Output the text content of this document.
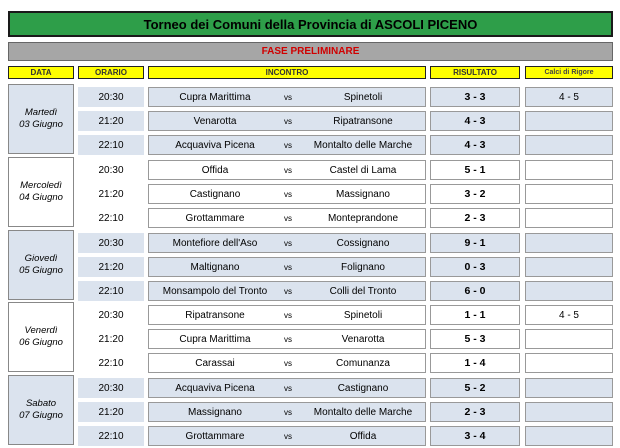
Torneo dei Comuni della Provincia di ASCOLI PICENO
FASE PRELIMINARE
DATA	ORARIO	INCONTRO	RISULTATO	Calci di Rigore
Martedì
03 Giugno
20:30	Cupra Marittima	vs	Spinetoli	3 - 3	4 - 5
21:20	Venarotta	vs	Ripatransone	4 - 3
22:10	Acquaviva Picena	vs	Montalto delle Marche	4 - 3
Mercoledì
04 Giugno
20:30	Offida	vs	Castel di Lama	5 - 1
21:20	Castignano	vs	Massignano	3 - 2
22:10	Grottammare	vs	Monteprandone	2 - 3
Giovedì
05 Giugno
20:30	Montefiore dell'Aso	vs	Cossignano	9 - 1
21:20	Maltignano	vs	Folignano	0 - 3
22:10	Monsampolo del Tronto	vs	Colli del Tronto	6 - 0
Venerdì
06 Giugno
20:30	Ripatransone	vs	Spinetoli	1 - 1	4 - 5
21:20	Cupra Marittima	vs	Venarotta	5 - 3
22:10	Carassai	vs	Comunanza	1 - 4
Sabato
07 Giugno
20:30	Acquaviva Picena	vs	Castignano	5 - 2
21:20	Massignano	vs	Montalto delle Marche	2 - 3
22:10	Grottammare	vs	Offida	3 - 4
